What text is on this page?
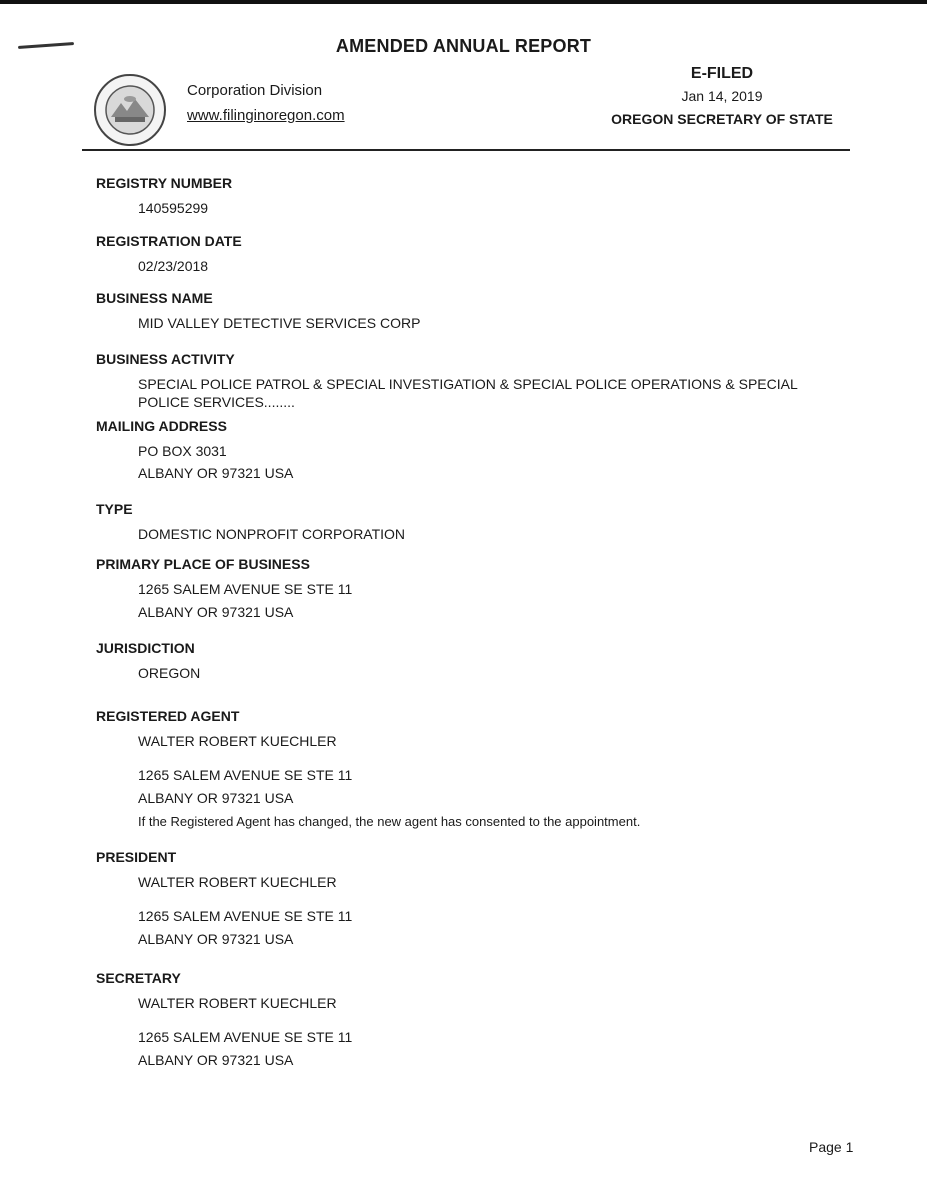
AMENDED ANNUAL REPORT
Corporation Division
www.filinginoregon.com
E-FILED
Jan 14, 2019
OREGON SECRETARY OF STATE
REGISTRY NUMBER
140595299
REGISTRATION DATE
02/23/2018
BUSINESS NAME
MID VALLEY DETECTIVE SERVICES CORP
BUSINESS ACTIVITY
SPECIAL POLICE PATROL & SPECIAL INVESTIGATION & SPECIAL POLICE OPERATIONS & SPECIAL POLICE SERVICES........
MAILING ADDRESS
PO BOX 3031
ALBANY OR 97321 USA
TYPE
DOMESTIC NONPROFIT CORPORATION
PRIMARY PLACE OF BUSINESS
1265 SALEM AVENUE SE STE 11
ALBANY OR 97321 USA
JURISDICTION
OREGON
REGISTERED AGENT
WALTER ROBERT KUECHLER
1265 SALEM AVENUE SE STE 11
ALBANY OR 97321 USA
If the Registered Agent has changed, the new agent has consented to the appointment.
PRESIDENT
WALTER ROBERT KUECHLER
1265 SALEM AVENUE SE STE 11
ALBANY OR 97321 USA
SECRETARY
WALTER ROBERT KUECHLER
1265 SALEM AVENUE SE STE 11
ALBANY OR 97321 USA
Page 1
